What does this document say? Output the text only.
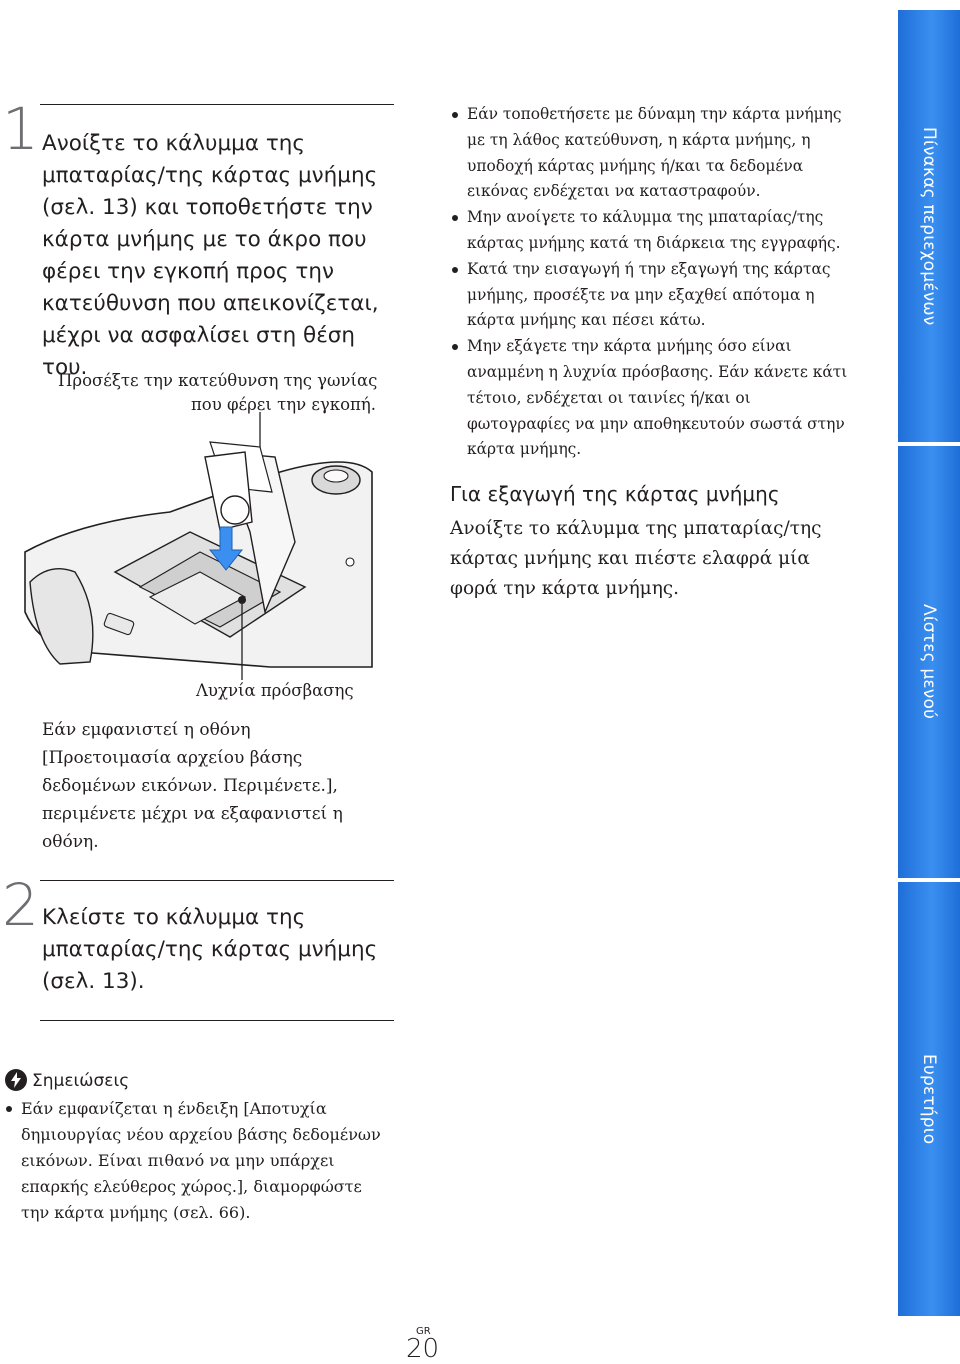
1 Ανοίξτε το κάλυμμα της μπαταρίας/της κάρτας μνήμης (σελ. 13) και τοποθετήστε την κάρτα μνήμης με το άκρο που φέρει την εγκοπή προς την κατεύθυνση που απεικονίζεται, μέχρι να ασφαλίσει στη θέση του.
Προσέξτε την κατεύθυνση της γωνίας
που φέρει την εγκοπή.
Λυχνία πρόσβασης
Εάν εμφανιστεί η οθόνη [Προετοιμασία αρχείου βάσης δεδομένων εικόνων. Περιμένετε.], περιμένετε μέχρι να εξαφανιστεί η οθόνη.
2 Κλείστε το κάλυμμα της μπαταρίας/της κάρτας μνήμης (σελ. 13).
Σημειώσεις
Εάν εμφανίζεται η ένδειξη [Αποτυχία δημιουργίας νέου αρχείου βάσης δεδομένων εικόνων. Είναι πιθανό να μην υπάρχει επαρκής ελεύθερος χώρος.], διαμορφώστε την κάρτα μνήμης (σελ. 66).
Εάν τοποθετήσετε με δύναμη την κάρτα μνήμης με τη λάθος κατεύθυνση, η κάρτα μνήμης, η υποδοχή κάρτας μνήμης ή/και τα δεδομένα εικόνας ενδέχεται να καταστραφούν.
Μην ανοίγετε το κάλυμμα της μπαταρίας/της κάρτας μνήμης κατά τη διάρκεια της εγγραφής.
Κατά την εισαγωγή ή την εξαγωγή της κάρτας μνήμης, προσέξτε να μην εξαχθεί απότομα η κάρτα μνήμης και πέσει κάτω.
Μην εξάγετε την κάρτα μνήμης όσο είναι αναμμένη η λυχνία πρόσβασης. Εάν κάνετε κάτι τέτοιο, ενδέχεται οι ταινίες ή/και οι φωτογραφίες να μην αποθηκευτούν σωστά στην κάρτα μνήμης.
Για εξαγωγή της κάρτας μνήμης
Ανοίξτε το κάλυμμα της μπαταρίας/της κάρτας μνήμης και πιέστε ελαφρά μία φορά την κάρτα μνήμης.
Πίνακας περιεχομένων
Λίστες μενού
Ευρετήριο
GR
20
